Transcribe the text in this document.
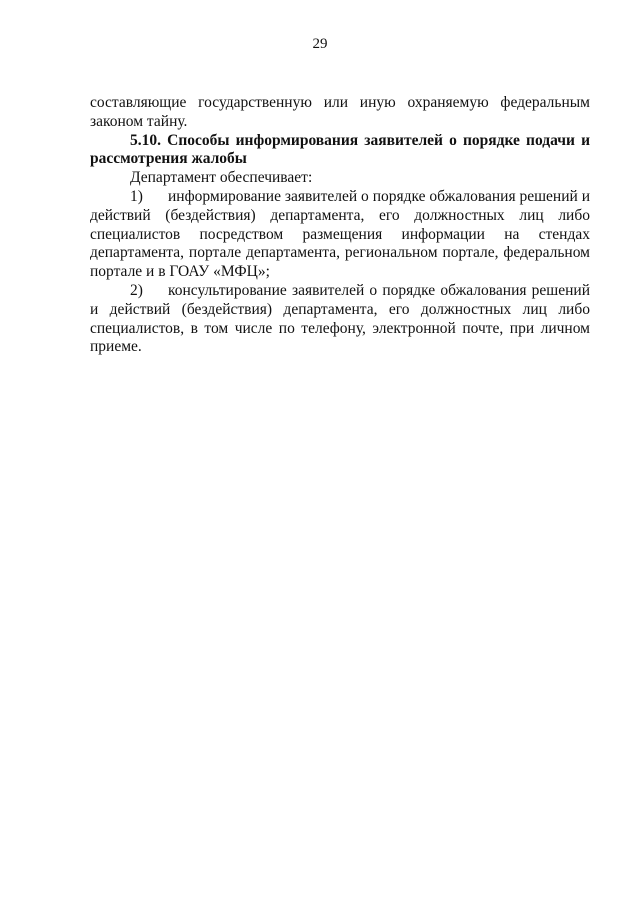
29

составляющие государственную или иную охраняемую федеральным законом тайну.

5.10. Способы информирования заявителей о порядке подачи и рассмотрения жалобы

Департамент обеспечивает:

1) информирование заявителей о порядке обжалования решений и действий (бездействия) департамента, его должностных лиц либо специалистов посредством размещения информации на стендах департамента, портале департамента, региональном портале, федеральном портале и в ГОАУ «МФЦ»;

2) консультирование заявителей о порядке обжалования решений и действий (бездействия) департамента, его должностных лиц либо специалистов, в том числе по телефону, электронной почте, при личном приеме.
